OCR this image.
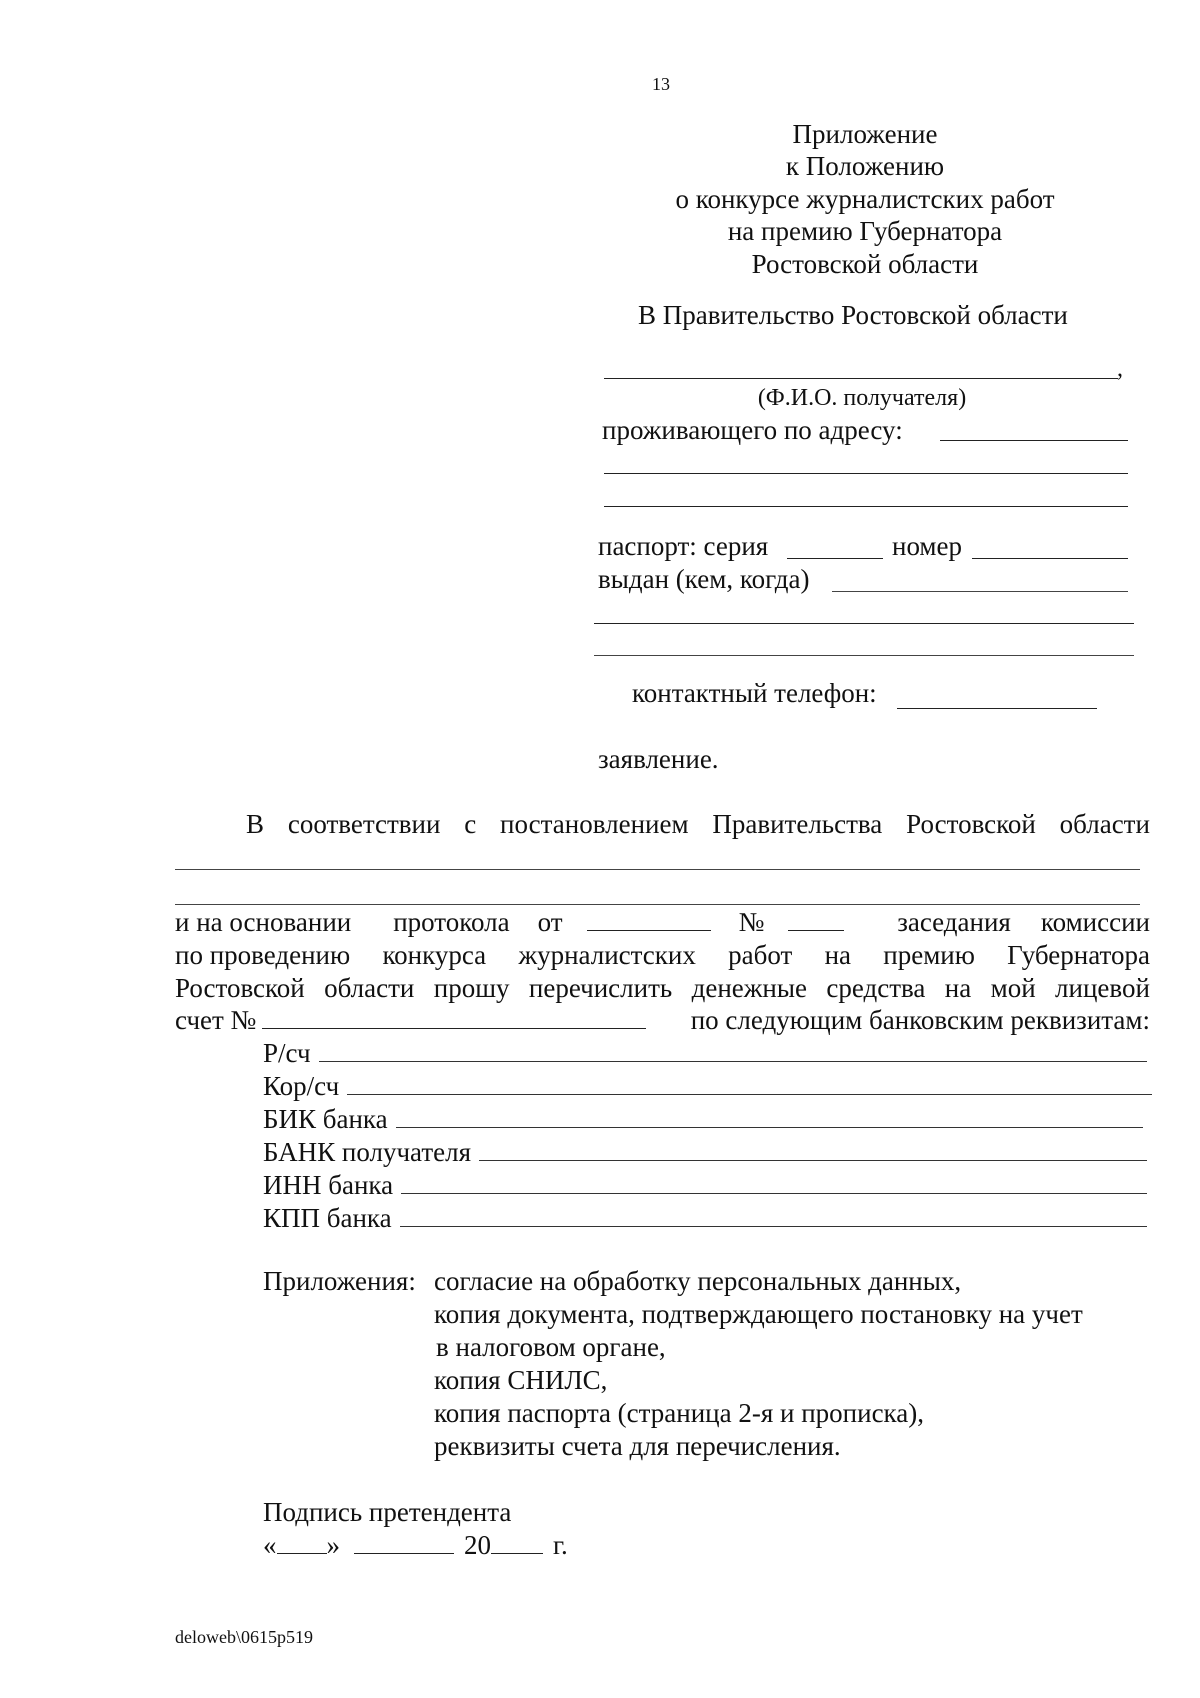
13
Приложение
к Положению
о конкурсе журналистских работ
на премию Губернатора
Ростовской области
В Правительство Ростовской области
,
(Ф.И.О. получателя)
проживающего по адресу:
паспорт: серия	номер
выдан (кем, когда)
контактный телефон:
заявление.
В соответствии с постановлением Правительства Ростовской области
и на основании протокола от	№	заседания комиссии
по проведению конкурса журналистских работ на премию Губернатора
Ростовской области прошу перечислить денежные средства на мой лицевой
счет №	по следующим банковским реквизитам:
Р/сч
Кор/сч
БИК банка
БАНК получателя
ИНН банка
КПП банка
Приложения: согласие на обработку персональных данных,
копия документа, подтверждающего постановку на учет
в налоговом органе,
копия СНИЛС,
копия паспорта (страница 2-я и прописка),
реквизиты счета для перечисления.
Подпись претендента
« »	20 г.
deloweb\0615p519
